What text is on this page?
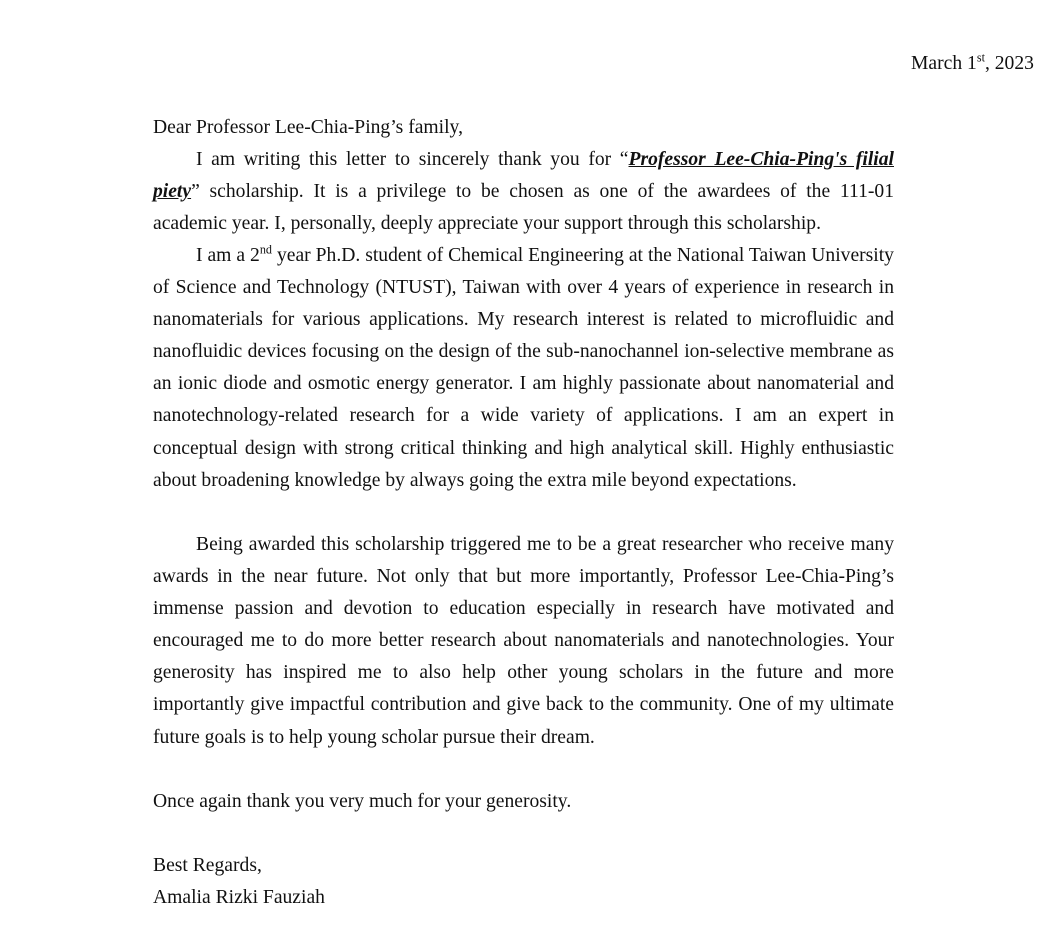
March 1st, 2023
Dear Professor Lee-Chia-Ping’s family,

I am writing this letter to sincerely thank you for “Professor Lee-Chia-Ping's filial piety” scholarship. It is a privilege to be chosen as one of the awardees of the 111-01 academic year. I, personally, deeply appreciate your support through this scholarship.

I am a 2nd year Ph.D. student of Chemical Engineering at the National Taiwan University of Science and Technology (NTUST), Taiwan with over 4 years of experience in research in nanomaterials for various applications. My research interest is related to microfluidic and nanofluidic devices focusing on the design of the sub-nanochannel ion-selective membrane as an ionic diode and osmotic energy generator. I am highly passionate about nanomaterial and nanotechnology-related research for a wide variety of applications. I am an expert in conceptual design with strong critical thinking and high analytical skill. Highly enthusiastic about broadening knowledge by always going the extra mile beyond expectations.

Being awarded this scholarship triggered me to be a great researcher who receive many awards in the near future. Not only that but more importantly, Professor Lee-Chia-Ping’s immense passion and devotion to education especially in research have motivated and encouraged me to do more better research about nanomaterials and nanotechnologies. Your generosity has inspired me to also help other young scholars in the future and more importantly give impactful contribution and give back to the community. One of my ultimate future goals is to help young scholar pursue their dream.

Once again thank you very much for your generosity.
Best Regards,
Amalia Rizki Fauziah
